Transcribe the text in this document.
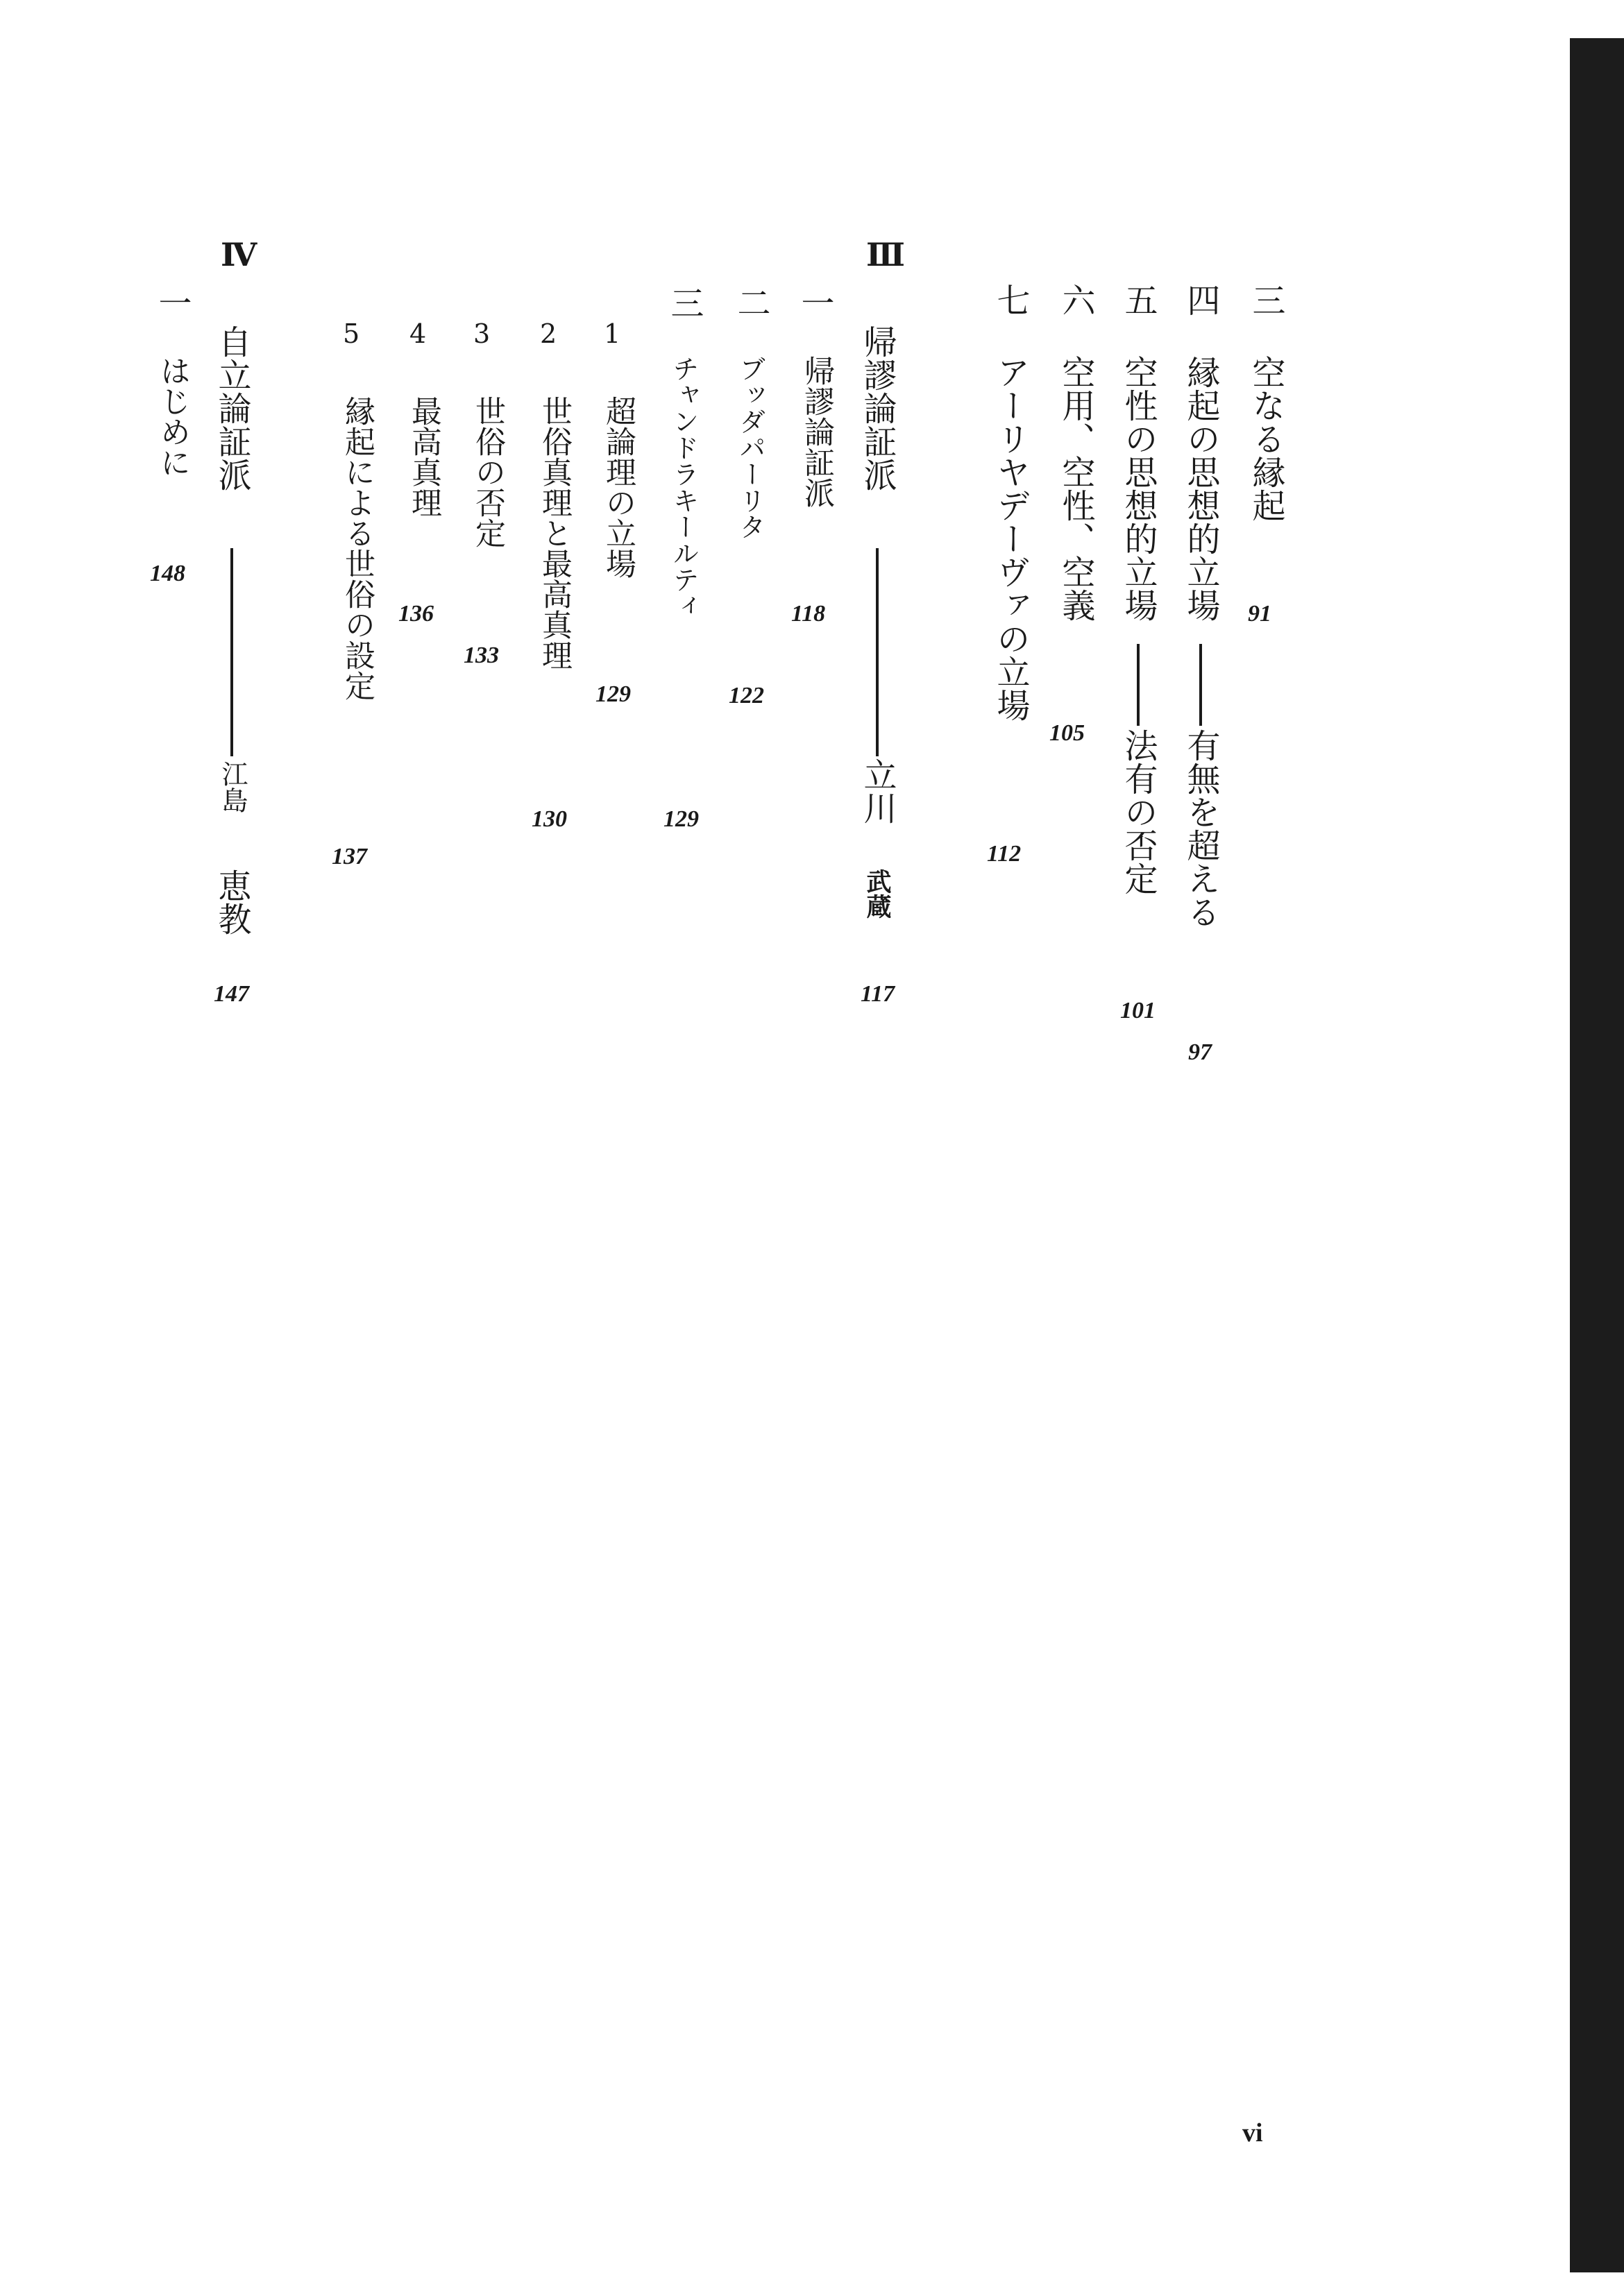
三
空なる縁起
91
四
縁起の思想的立場
有無を超える
97
五
空性の思想的立場
法有の否定
101
六
空用、空性、空義
105
七
アーリヤデーヴァの立場
112
Ⅲ
帰謬論証派
立川
武蔵
117
一
帰謬論証派
118
二
ブッダパーリタ
122
三
チャンドラキールティ
129
1
超論理の立場
129
2
世俗真理と最高真理
130
3
世俗の否定
133
4
最高真理
136
5
縁起による世俗の設定
137
Ⅳ
自立論証派
江島
恵教
147
一
はじめに
148
vi
